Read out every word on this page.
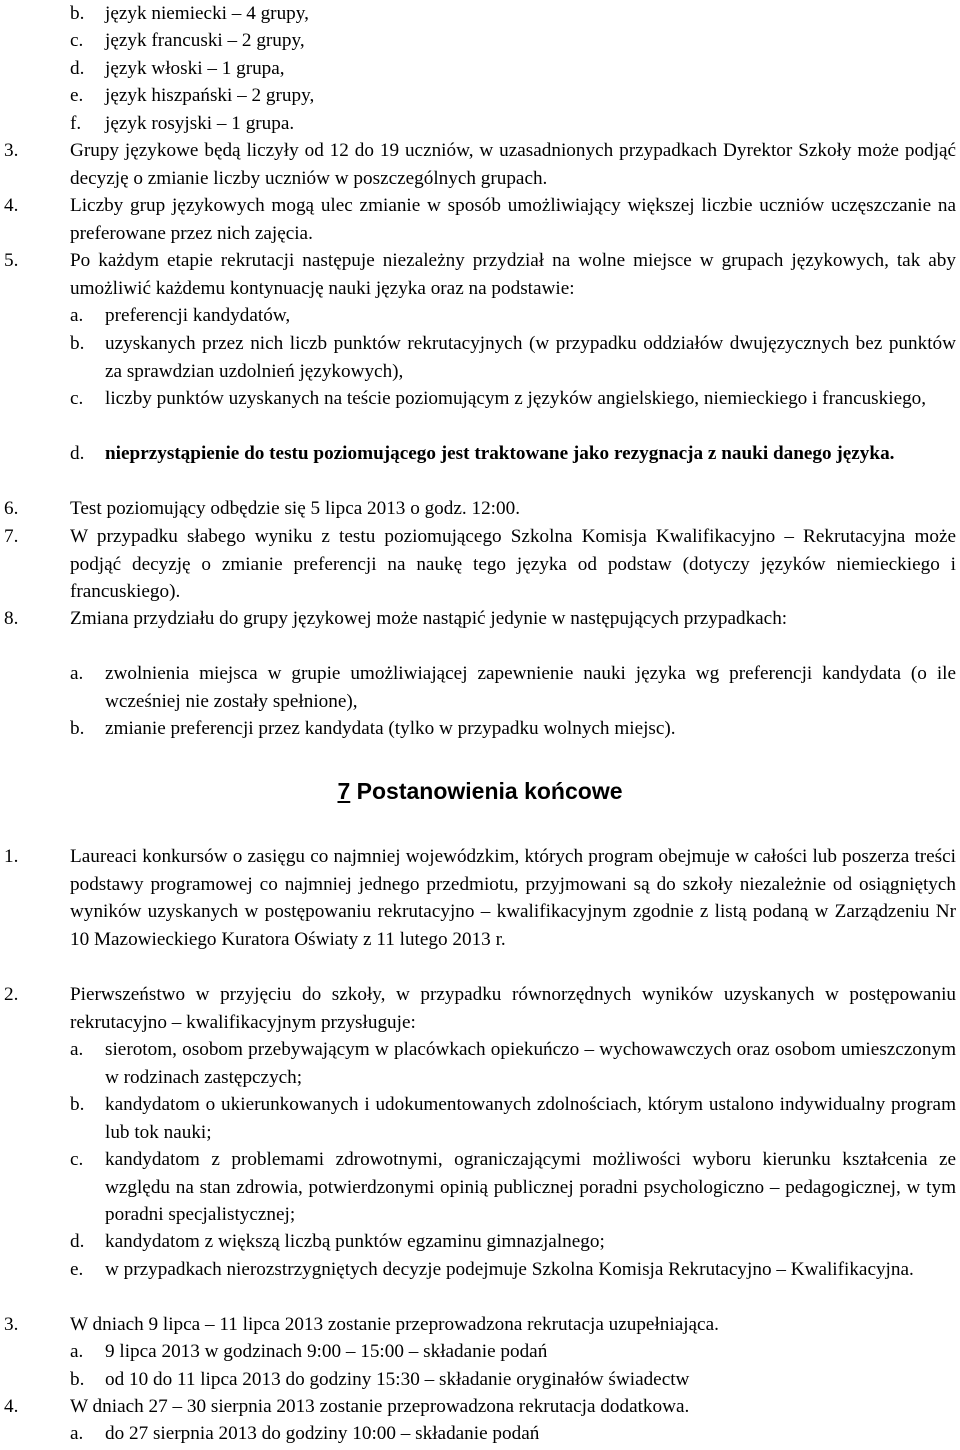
b.	język niemiecki – 4 grupy,
c.	język francuski – 2 grupy,
d.	język włoski – 1 grupa,
e.	język hiszpański – 2 grupy,
f.	język rosyjski – 1 grupa.
3.	Grupy językowe będą liczyły od 12 do 19 uczniów, w uzasadnionych przypadkach Dyrektor Szkoły może podjąć decyzję o zmianie liczby uczniów w poszczególnych grupach.
4.	Liczby grup językowych mogą ulec zmianie w sposób umożliwiający większej liczbie uczniów uczęszczanie na preferowane przez nich zajęcia.
5.	Po każdym etapie rekrutacji następuje niezależny przydział na wolne miejsce w grupach językowych, tak aby umożliwić każdemu kontynuację nauki języka oraz na podstawie:
a.	preferencji kandydatów,
b.	uzyskanych przez nich liczb punktów rekrutacyjnych (w przypadku oddziałów dwujęzycznych bez punktów za sprawdzian uzdolnień językowych),
c.	liczby punktów uzyskanych na teście poziomującym z języków angielskiego, niemieckiego i francuskiego,
d.	nieprzystąpienie do testu poziomującego jest traktowane jako rezygnacja z nauki danego języka.
6.	Test poziomujący odbędzie się 5 lipca 2013 o godz. 12:00.
7.	W przypadku słabego wyniku z testu poziomującego Szkolna Komisja Kwalifikacyjno – Rekrutacyjna może podjąć decyzję o zmianie preferencji na naukę tego języka od podstaw (dotyczy języków niemieckiego i francuskiego).
8.	Zmiana przydziału do grupy językowej może nastąpić jedynie w następujących przypadkach:
a.	zwolnienia miejsca w grupie umożliwiającej zapewnienie nauki języka wg preferencji kandydata (o ile wcześniej nie zostały spełnione),
b.	zmianie preferencji przez kandydata (tylko w przypadku wolnych miejsc).
7 Postanowienia końcowe
1.	Laureaci konkursów o zasięgu co najmniej wojewódzkim, których program obejmuje w całości lub poszerza treści podstawy programowej co najmniej jednego przedmiotu, przyjmowani są do szkoły niezależnie od osiągniętych wyników uzyskanych w postępowaniu rekrutacyjno – kwalifikacyjnym zgodnie z listą podaną w Zarządzeniu Nr 10 Mazowieckiego Kuratora Oświaty z 11 lutego 2013 r.
2.	Pierwszeństwo w przyjęciu do szkoły, w przypadku równorzędnych wyników uzyskanych w postępowaniu rekrutacyjno – kwalifikacyjnym przysługuje:
a.	sierotom, osobom przebywającym w placówkach opiekuńczo – wychowawczych oraz osobom umieszczonym w rodzinach zastępczych;
b.	kandydatom o ukierunkowanych i udokumentowanych zdolnościach, którym ustalono indywidualny program lub tok nauki;
c.	kandydatom z problemami zdrowotnymi, ograniczającymi możliwości wyboru kierunku kształcenia ze względu na stan zdrowia, potwierdzonymi opinią publicznej poradni psychologiczno – pedagogicznej, w tym poradni specjalistycznej;
d.	kandydatom z większą liczbą punktów egzaminu gimnazjalnego;
e.	w przypadkach nierozstrzygniętych decyzje podejmuje Szkolna Komisja Rekrutacyjno – Kwalifikacyjna.
3.	W dniach 9 lipca – 11 lipca 2013 zostanie przeprowadzona rekrutacja uzupełniająca.
a.	9 lipca 2013 w godzinach 9:00 – 15:00 – składanie podań
b.	od 10 do 11 lipca 2013 do godziny 15:30 – składanie oryginałów świadectw
4.	W dniach 27 – 30 sierpnia 2013 zostanie przeprowadzona rekrutacja dodatkowa.
a.	do 27 sierpnia 2013 do godziny 10:00 – składanie podań
